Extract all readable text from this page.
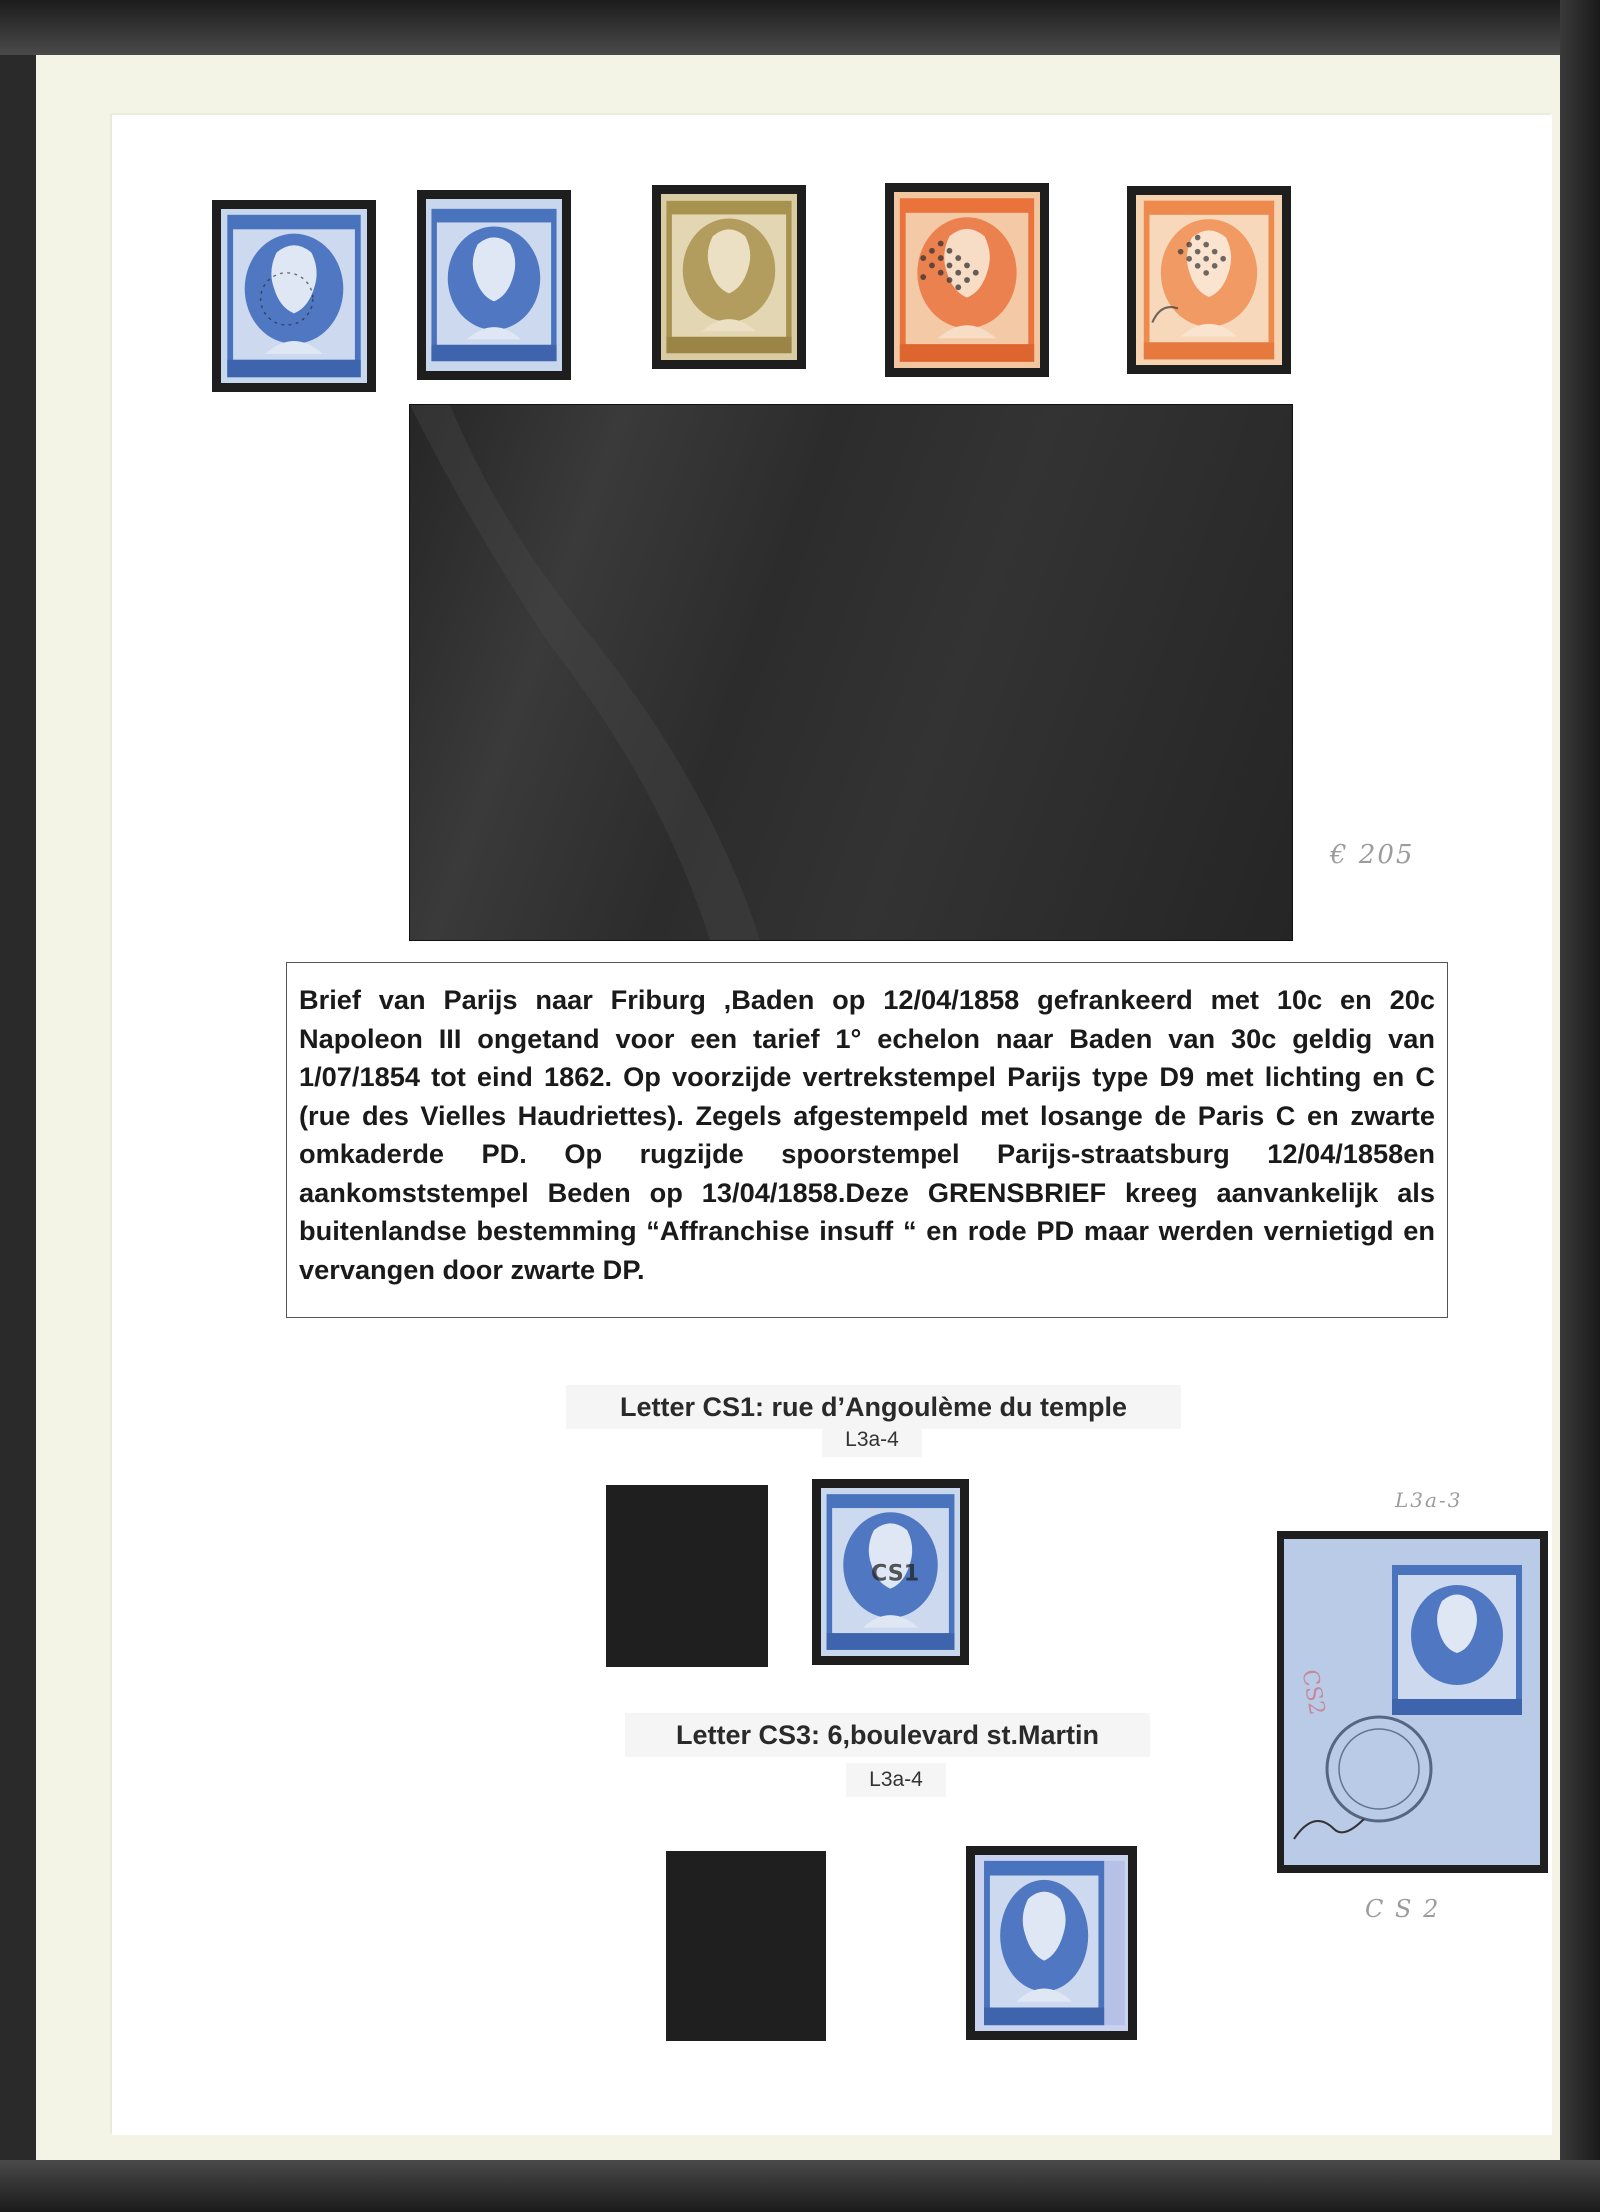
€ 205

Brief van Parijs naar Friburg ,Baden op 12/04/1858 gefrankeerd met 10c en 20c Napoleon III ongetand voor een tarief 1° echelon naar Baden van 30c geldig van 1/07/1854 tot eind 1862. Op voorzijde vertrekstempel Parijs type D9 met lichting en C (rue des Vielles Haudriettes). Zegels afgestempeld met losange de Paris C en zwarte omkaderde PD. Op rugzijde spoorstempel Parijs-straatsburg 12/04/1858en aankomststempel Beden op 13/04/1858.Deze GRENSBRIEF kreeg aanvankelijk als buitenlandse bestemming “Affranchise insuff “ en rode PD maar werden vernietigd en vervangen door zwarte DP.

Letter CS1: rue d’Angoulème du temple
L3a-4
CS1
L3a-3
CS2
C S 2
Letter CS3: 6,boulevard st.Martin
L3a-4
